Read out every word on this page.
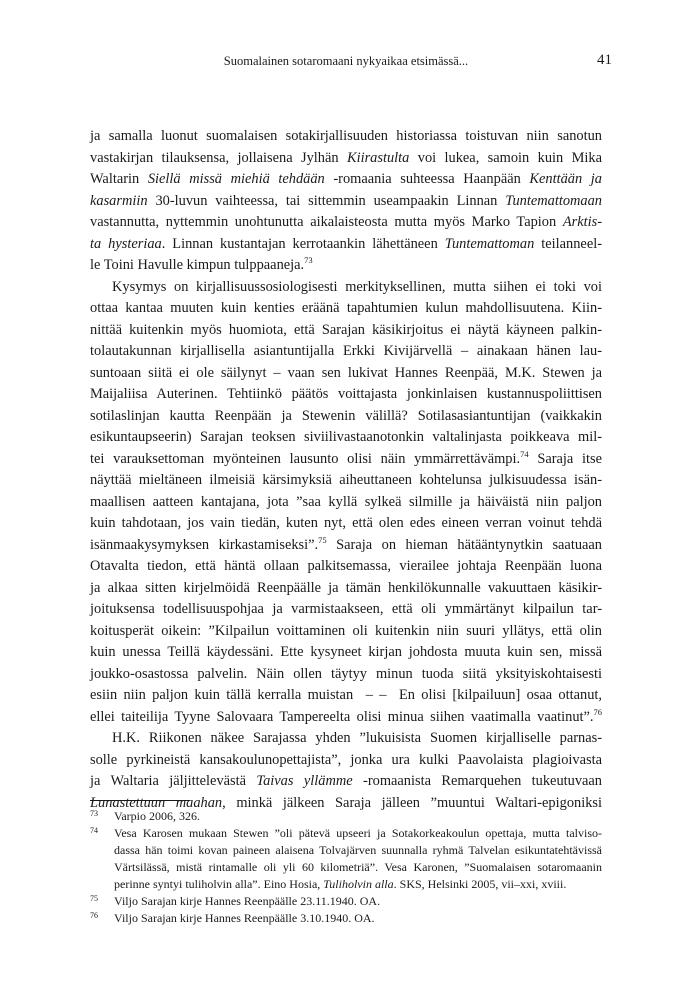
Suomalainen sotaromaani nykyaikaa etsimässä...	41
ja samalla luonut suomalaisen sotakirjallisuuden historiassa toistuvan niin sanotun
vastakirjan tilauksensa, jollaisena Jylhän Kiirastulta voi lukea, samoin kuin Mika
Waltarin Siellä missä miehiä tehdään -romaania suhteessa Haanpään Kenttään ja
kasarmiin 30-luvun vaihteessa, tai sittemmin useampaakin Linnan Tuntemattomaan
vastannutta, nyttemmin unohtunutta aikalaisteosta mutta myös Marko Tapion Arktis-
ta hysteriaa. Linnan kustantajan kerrotaankin lähettäneen Tuntemattoman teilanneel-
le Toini Havulle kimpun tulppaaneja.$^{73}$
Kysymys on kirjallisuussosiologisesti merkityksellinen, mutta siihen ei toki voi
ottaa kantaa muuten kuin kenties eräänä tapahtumien kulun mahdollisuutena. Kiin-
nittää kuitenkin myös huomiota, että Sarajan käsikirjoitus ei näytä käyneen palkin-
tolautakunnan kirjallisella asiantuntijalla Erkki Kivijärvellä – ainakaan hänen lau-
suntoaan siitä ei ole säilynyt – vaan sen lukivat Hannes Reenpää, M.K. Stewen ja
Maijaliisa Auterinen. Tehtiinkö päätös voittajasta jonkinlaisen kustannuspoliittisen
sotilaslinjan kautta Reenpään ja Stewenin välillä? Sotilasasiantuntijan (vaikkakin
esikuntaupseerin) Sarajan teoksen siviilivastaanotonkin valtalinjasta poikkeava mil-
tei varauksettoman myönteinen lausunto olisi näin ymmärrettävämpi.$^{74}$ Saraja itse
näyttää mieltäneen ilmeisiä kärsimyksiä aiheuttaneen kohtelunsa julkisuudessa isän-
maallisen aatteen kantajana, jota ”saa kyllä sylkeä silmille ja häiväistä niin paljon
kuin tahdotaan, jos vain tiedän, kuten nyt, että olen edes eineen verran voinut tehdä
isänmaakysymyksen kirkastamiseksi”.$^{75}$ Saraja on hieman hätääntynytkin saatuaan
Otavalta tiedon, että häntä ollaan palkitsemassa, vierailee johtaja Reenpään luona
ja alkaa sitten kirjelmöidä Reenpäälle ja tämän henkilökunnalle vakuuttaen käsikir-
joituksensa todellisuuspohjaa ja varmistaakseen, että oli ymmärtänyt kilpailun tar-
koitusperät oikein: ”Kilpailun voittaminen oli kuitenkin niin suuri yllätys, että olin
kuin unessa Teillä käydessäni. Ette kysyneet kirjan johdosta muuta kuin sen, missä
joukko-osastossa palvelin. Näin ollen täytyy minun tuoda siitä yksityiskohtaisesti
esiin niin paljon kuin tällä kerralla muistan  – –  En olisi [kilpailuun] osaa ottanut,
ellei taiteilija Tyyne Salovaara Tampereelta olisi minua siihen vaatimalla vaatinut”.$^{76}$
H.K. Riikonen näkee Sarajassa yhden ”lukuisista Suomen kirjalliselle parnas-
solle pyrkineistä kansakoulunopettajista”, jonka ura kulki Paavolaista plagioivasta
ja Waltaria jäljittelevästä Taivas yllämme -romaanista Remarquehen tukeutuvaan
Lunastettuun maahan, minkä jälkeen Saraja jälleen ”muuntui Waltari-epigoniksi
73 Varpio 2006, 326.
74 Vesa Karosen mukaan Stewen ”oli pätevä upseeri ja Sotakorkeakoulun opettaja, mutta talviso-
dassa hän toimi kovan paineen alaisena Tolvajärven suunnalla ryhmä Talvelan esikuntatehtävissä
Värtsilässä, mistä rintamalle oli yli 60 kilometriä”. Vesa Karonen, ”Suomalaisen sotaromaanin
perinne syntyi tuliholvin alla”. Eino Hosia, Tuliholvin alla. SKS, Helsinki 2005, vii–xxi, xviii.
75 Viljo Sarajan kirje Hannes Reenpäälle 23.11.1940. OA.
76 Viljo Sarajan kirje Hannes Reenpäälle 3.10.1940. OA.
